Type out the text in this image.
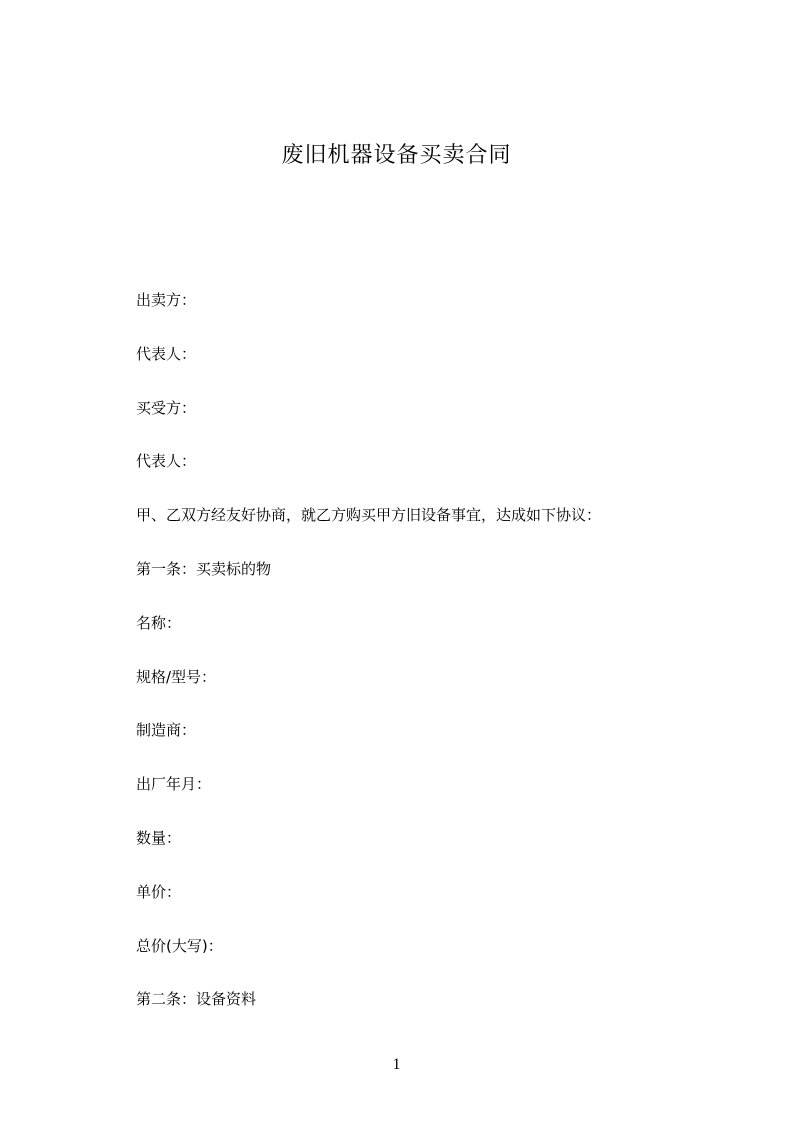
废旧机器设备买卖合同
出卖方：
代表人：
买受方：
代表人：
甲、乙双方经友好协商，就乙方购买甲方旧设备事宜，达成如下协议：
第一条：买卖标的物
名称：
规格/型号：
制造商：
出厂年月：
数量：
单价：
总价(大写)：
第二条：设备资料
1
